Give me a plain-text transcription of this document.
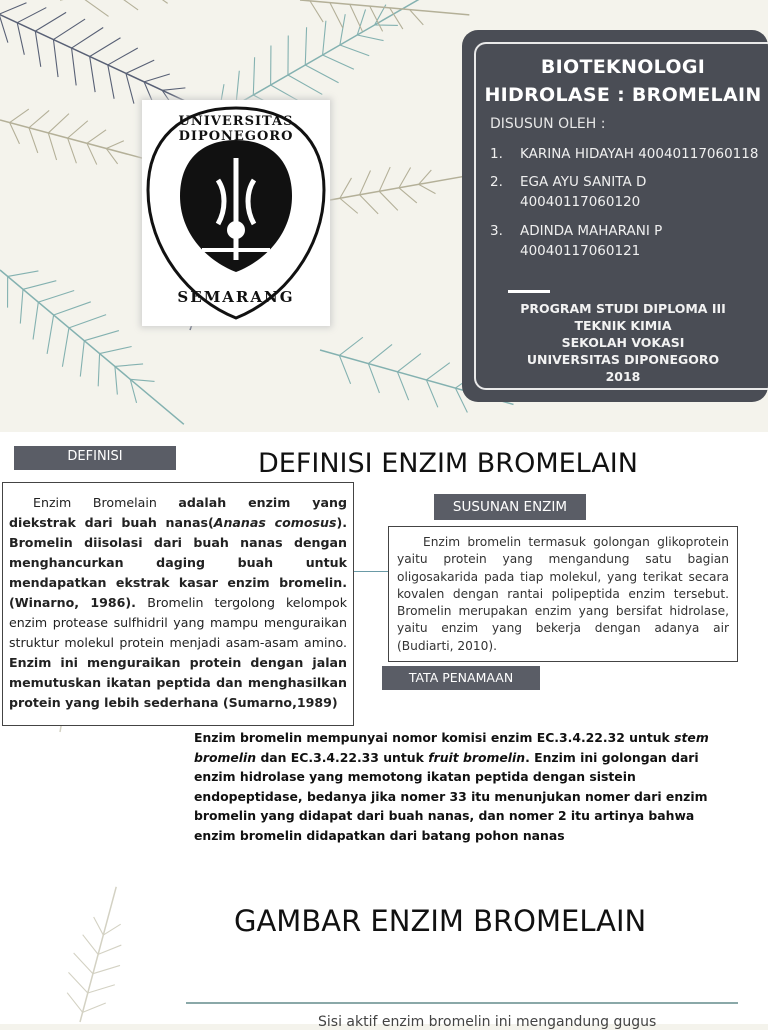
UNIVERSITAS DIPONEGORO
SEMARANG
BIOTEKNOLOGI
HIDROLASE : BROMELAIN
DISUSUN OLEH :
1. KARINA HIDAYAH 40040117060118
2. EGA AYU SANITA D 40040117060120
3. ADINDA MAHARANI P 40040117060121
PROGRAM STUDI DIPLOMA III
TEKNIK KIMIA
SEKOLAH VOKASI
UNIVERSITAS DIPONEGORO
2018
DEFINISI	DEFINISI ENZIM BROMELAIN
Enzim Bromelain adalah enzim yang diekstrak dari buah nanas(Ananas comosus). Bromelin diisolasi dari buah nanas dengan menghancurkan daging buah untuk mendapatkan ekstrak kasar enzim bromelin.(Winarno, 1986). Bromelin tergolong kelompok enzim protease sulfhidril yang mampu menguraikan struktur molekul protein menjadi asam-asam amino. Enzim ini menguraikan protein dengan jalan memutuskan ikatan peptida dan menghasilkan protein yang lebih sederhana (Sumarno,1989)
SUSUNAN ENZIM
Enzim bromelin termasuk golongan glikoprotein yaitu protein yang mengandung satu bagian oligosakarida pada tiap molekul, yang terikat secara kovalen dengan rantai polipeptida enzim tersebut. Bromelin merupakan enzim yang bersifat hidrolase, yaitu enzim yang bekerja dengan adanya air (Budiarti, 2010).
TATA PENAMAAN
Enzim bromelin mempunyai nomor komisi enzim EC.3.4.22.32 untuk stem bromelin dan EC.3.4.22.33 untuk fruit bromelin. Enzim ini golongan dari enzim hidrolase yang memotong ikatan peptida dengan sistein endopeptidase, bedanya jika nomer 33 itu menunjukan nomer dari enzim bromelin yang didapat dari buah nanas, dan nomer 2 itu artinya bahwa enzim bromelin didapatkan dari batang pohon nanas
GAMBAR ENZIM BROMELAIN
Sisi aktif enzim bromelin ini mengandung gugus
